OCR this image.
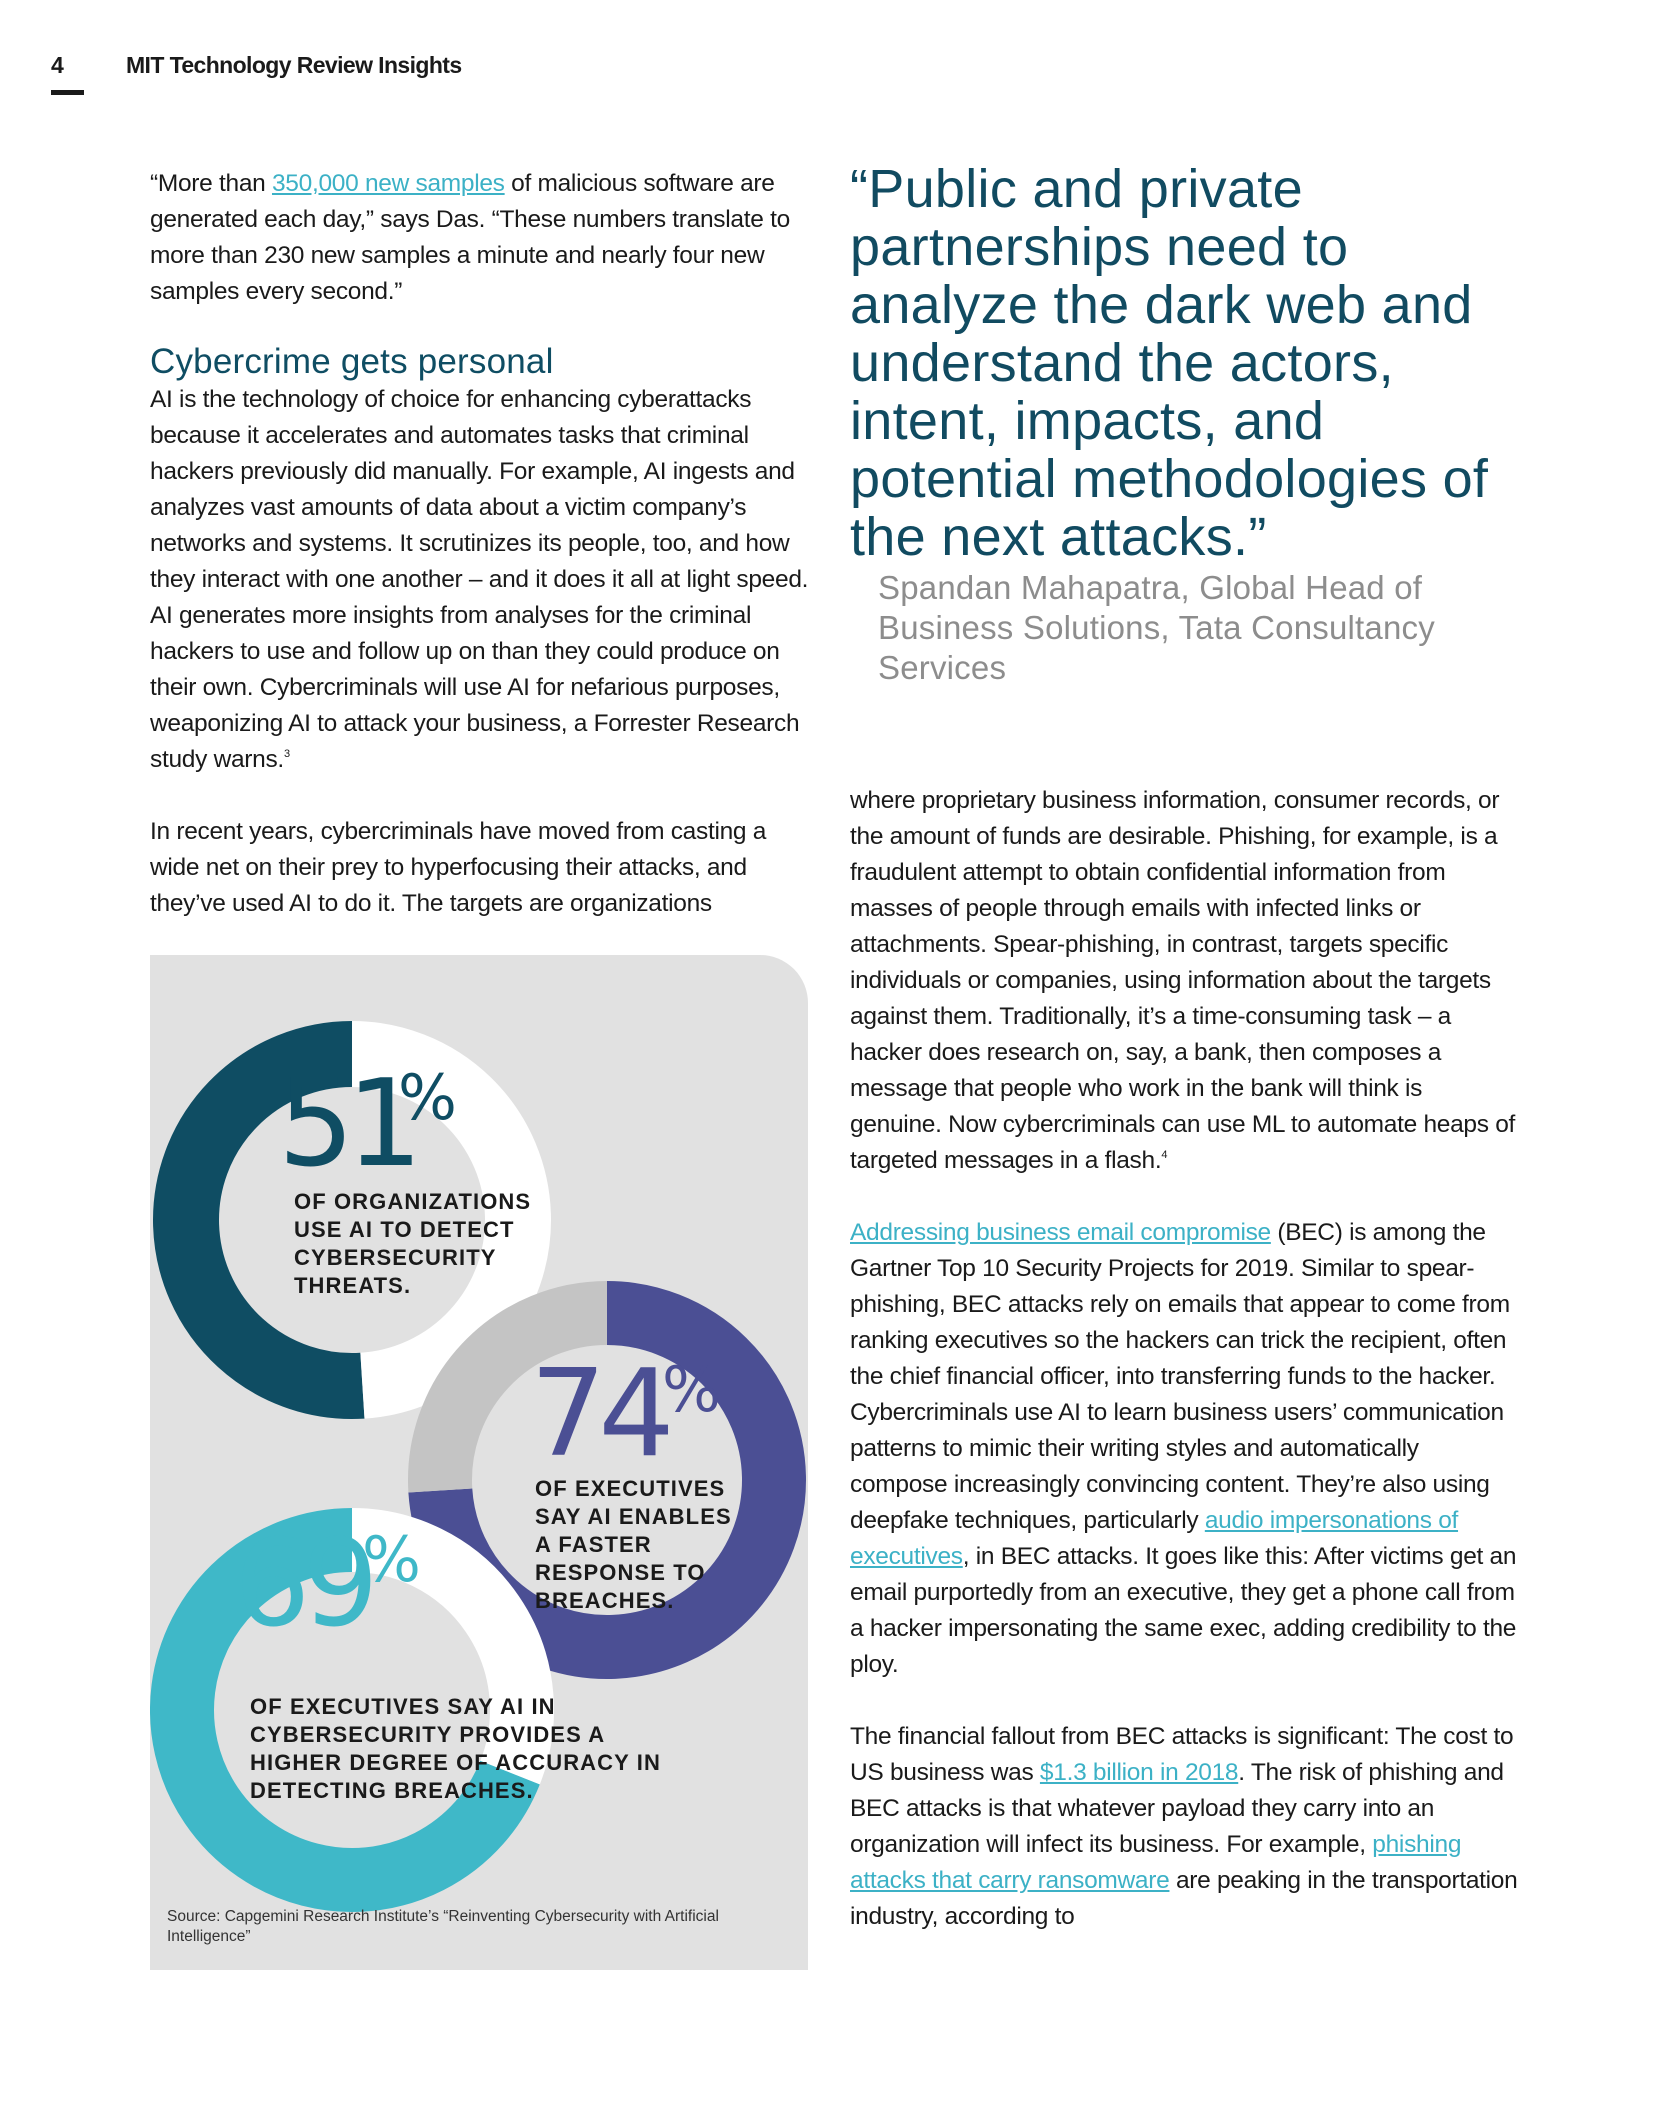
4	MIT Technology Review Insights

“More than 350,000 new samples of malicious software are generated each day,” says Das. “These numbers translate to more than 230 new samples a minute and nearly four new samples every second.”

Cybercrime gets personal

AI is the technology of choice for enhancing cyberattacks because it accelerates and automates tasks that criminal hackers previously did manually. For example, AI ingests and analyzes vast amounts of data about a victim company’s networks and systems. It scrutinizes its people, too, and how they interact with one another – and it does it all at light speed. AI generates more insights from analyses for the criminal hackers to use and follow up on than they could produce on their own. Cybercriminals will use AI for nefarious purposes, weaponizing AI to attack your business, a Forrester Research study warns.$^3$

In recent years, cybercriminals have moved from casting a wide net on their prey to hyperfocusing their attacks, and they’ve used AI to do it. The targets are organizations

“Public and private partnerships need to analyze the dark web and understand the actors, intent, impacts, and potential methodologies of the next attacks.”

Spandan Mahapatra, Global Head of Business Solutions, Tata Consultancy Services

where proprietary business information, consumer records, or the amount of funds are desirable. Phishing, for example, is a fraudulent attempt to obtain confidential information from masses of people through emails with infected links or attachments. Spear-phishing, in contrast, targets specific individuals or companies, using information about the targets against them. Traditionally, it’s a time-consuming task – a hacker does research on, say, a bank, then composes a message that people who work in the bank will think is genuine. Now cybercriminals can use ML to automate heaps of targeted messages in a flash.$^4$

Addressing business email compromise (BEC) is among the Gartner Top 10 Security Projects for 2019. Similar to spear-phishing, BEC attacks rely on emails that appear to come from ranking executives so the hackers can trick the recipient, often the chief financial officer, into transferring funds to the hacker. Cybercriminals use AI to learn business users’ communication patterns to mimic their writing styles and automatically compose increasingly convincing content. They’re also using deepfake techniques, particularly audio impersonations of executives, in BEC attacks. It goes like this: After victims get an email purportedly from an executive, they get a phone call from a hacker impersonating the same exec, adding credibility to the ploy.

The financial fallout from BEC attacks is significant: The cost to US business was $1.3 billion in 2018. The risk of phishing and BEC attacks is that whatever payload they carry into an organization will infect its business. For example, phishing attacks that carry ransomware are peaking in the transportation industry, according to

51
%
OF ORGANIZATIONS USE AI TO DETECT CYBERSECURITY THREATS.
74
%
OF EXECUTIVES SAY AI ENABLES A FASTER RESPONSE TO BREACHES.
69
%
OF EXECUTIVES SAY AI IN CYBERSECURITY PROVIDES A HIGHER DEGREE OF ACCURACY IN DETECTING BREACHES.
Source: Capgemini Research Institute’s “Reinventing Cybersecurity with Artificial Intelligence”
